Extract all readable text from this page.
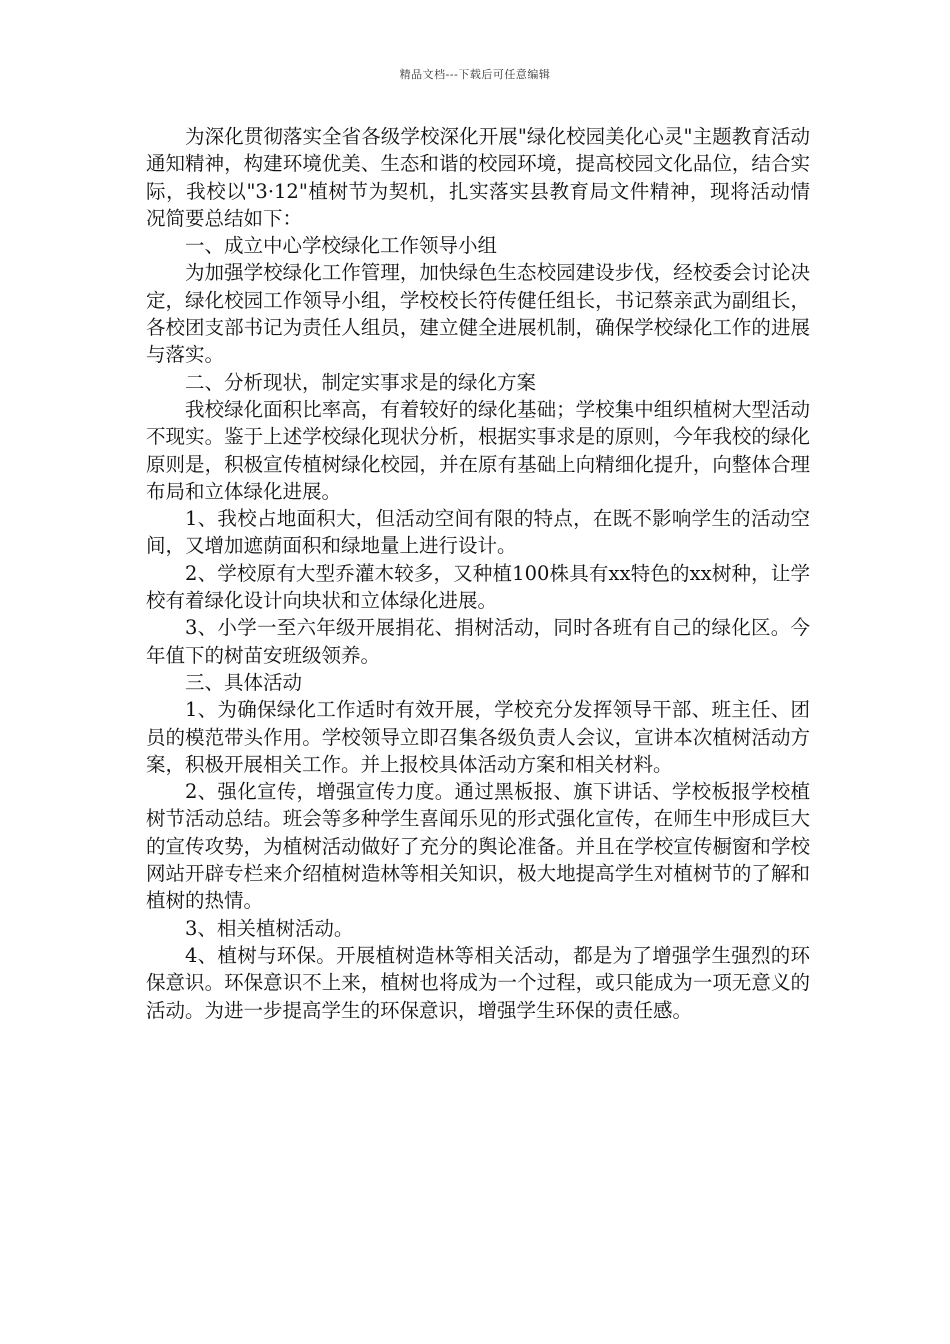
精品文档---下载后可任意编辑

为深化贯彻落实全省各级学校深化开展"绿化校园美化心灵"主题教育活动通知精神，构建环境优美、生态和谐的校园环境，提高校园文化品位，结合实际，我校以"3·12"植树节为契机，扎实落实县教育局文件精神，现将活动情况简要总结如下：

一、成立中心学校绿化工作领导小组

为加强学校绿化工作管理，加快绿色生态校园建设步伐，经校委会讨论决定，绿化校园工作领导小组，学校校长符传健任组长，书记蔡亲武为副组长，各校团支部书记为责任人组员，建立健全进展机制，确保学校绿化工作的进展与落实。

二、分析现状，制定实事求是的绿化方案

我校绿化面积比率高，有着较好的绿化基础；学校集中组织植树大型活动不现实。鉴于上述学校绿化现状分析，根据实事求是的原则，今年我校的绿化原则是，积极宣传植树绿化校园，并在原有基础上向精细化提升，向整体合理布局和立体绿化进展。

1、我校占地面积大，但活动空间有限的特点，在既不影响学生的活动空间，又增加遮荫面积和绿地量上进行设计。

2、学校原有大型乔灌木较多，又种植100株具有xx特色的xx树种，让学校有着绿化设计向块状和立体绿化进展。

3、小学一至六年级开展捐花、捐树活动，同时各班有自己的绿化区。今年值下的树苗安班级领养。

三、具体活动

1、为确保绿化工作适时有效开展，学校充分发挥领导干部、班主任、团员的模范带头作用。学校领导立即召集各级负责人会议，宣讲本次植树活动方案，积极开展相关工作。并上报校具体活动方案和相关材料。

2、强化宣传，增强宣传力度。通过黑板报、旗下讲话、学校板报学校植树节活动总结。班会等多种学生喜闻乐见的形式强化宣传，在师生中形成巨大的宣传攻势，为植树活动做好了充分的舆论准备。并且在学校宣传橱窗和学校网站开辟专栏来介绍植树造林等相关知识，极大地提高学生对植树节的了解和植树的热情。

3、相关植树活动。

4、植树与环保。开展植树造林等相关活动，都是为了增强学生强烈的环保意识。环保意识不上来，植树也将成为一个过程，或只能成为一项无意义的活动。为进一步提高学生的环保意识，增强学生环保的责任感。
